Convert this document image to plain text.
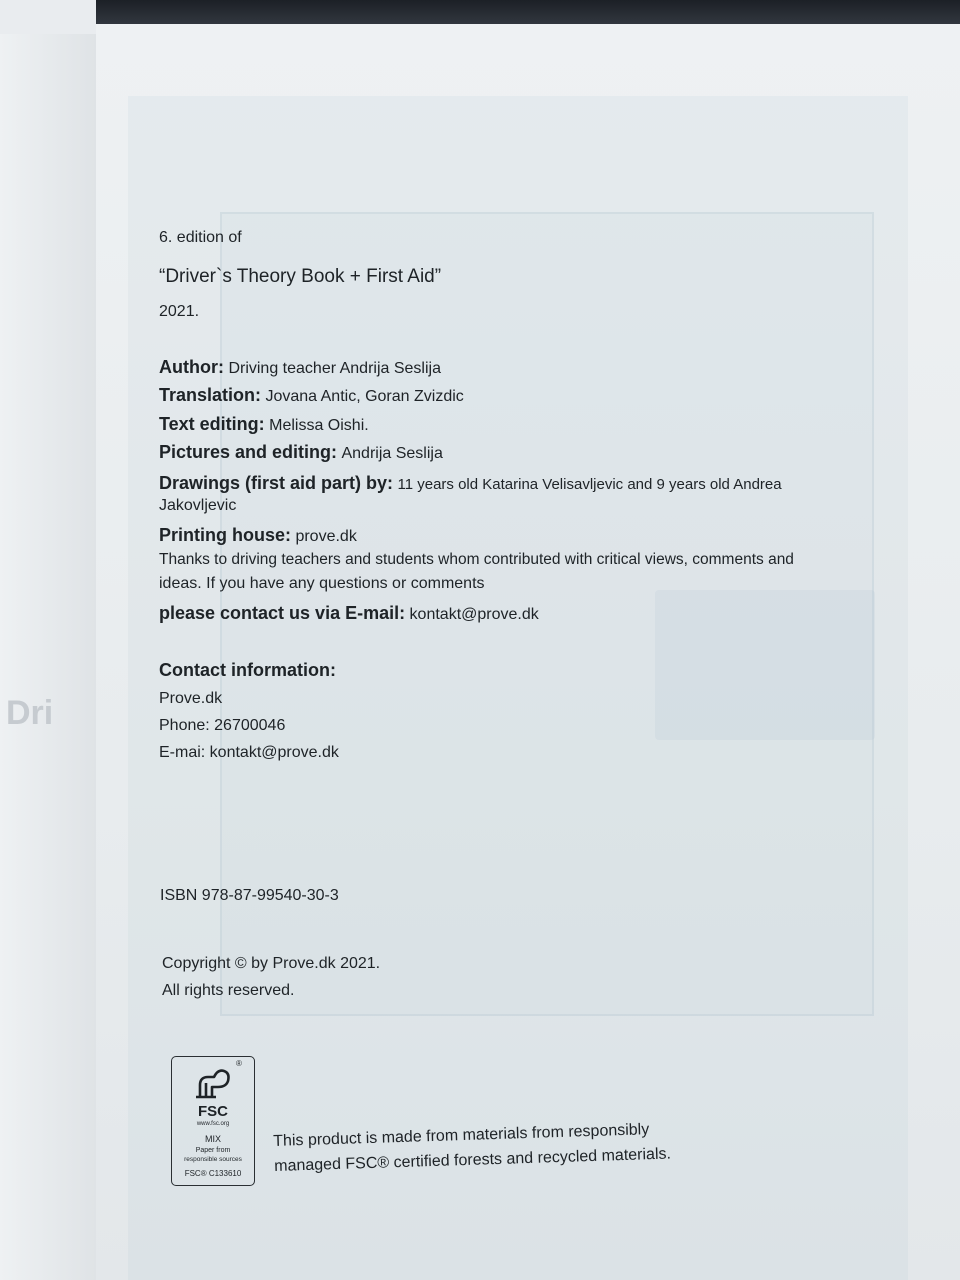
Dri
6. edition of
“Driver`s Theory Book + First Aid”
2021.
Author: Driving teacher Andrija Seslija
Translation: Jovana Antic, Goran Zvizdic
Text editing: Melissa Oishi.
Pictures and editing: Andrija Seslija
Drawings (first aid part) by: 11 years old Katarina Velisavljevic and 9 years old Andrea
Jakovljevic
Printing house: prove.dk
Thanks to driving teachers and students whom contributed with critical views, comments and
ideas. If you have any questions or comments
please contact us via E-mail: kontakt@prove.dk
Contact information:
Prove.dk
Phone: 26700046
E-mai: kontakt@prove.dk
ISBN 978-87-99540-30-3
Copyright © by Prove.dk 2021.
All rights reserved.
®
FSC
www.fsc.org
MIX
Paper from
responsible sources
FSC® C133610
This product is made from materials from responsibly
managed FSC® certified forests and recycled materials.
